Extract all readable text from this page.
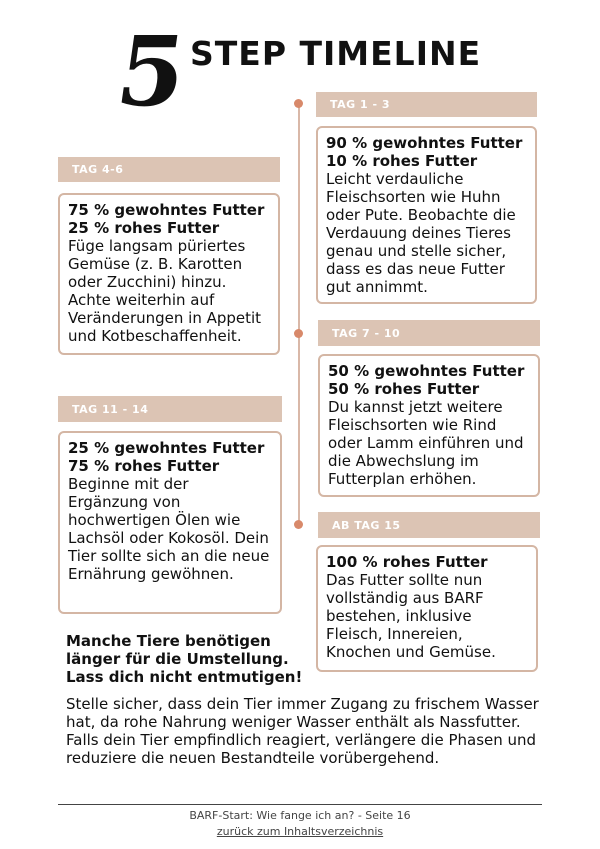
5
STEP TIMELINE
TAG 1 - 3
90 % gewohntes Futter
10 % rohes Futter
Leicht verdauliche Fleischsorten wie Huhn oder Pute. Beobachte die Verdauung deines Tieres genau und stelle sicher, dass es das neue Futter gut annimmt.
TAG 4-6
75 % gewohntes Futter
25 % rohes Futter
Füge langsam püriertes Gemüse (z. B. Karotten oder Zucchini) hinzu. Achte weiterhin auf Veränderungen in Appetit und Kotbeschaffenheit.	TAG 7 - 10
50 % gewohntes Futter
50 % rohes Futter
Du kannst jetzt weitere Fleischsorten wie Rind oder Lamm einführen und die Abwechslung im Futterplan erhöhen.
TAG 11 - 14
25 % gewohntes Futter
75 % rohes Futter
Beginne mit der Ergänzung von hochwertigen Ölen wie Lachsöl oder Kokosöl. Dein Tier sollte sich an die neue Ernährung gewöhnen.
AB TAG 15
100 % rohes Futter
Das Futter sollte nun vollständig aus BARF bestehen, inklusive Fleisch, Innereien, Knochen und Gemüse.
Manche Tiere benötigen länger für die Umstellung. Lass dich nicht entmutigen!
Stelle sicher, dass dein Tier immer Zugang zu frischem Wasser hat, da rohe Nahrung weniger Wasser enthält als Nassfutter.
Falls dein Tier empfindlich reagiert, verlängere die Phasen und reduziere die neuen Bestandteile vorübergehend.
BARF-Start: Wie fange ich an? - Seite 16
zurück zum Inhaltsverzeichnis
